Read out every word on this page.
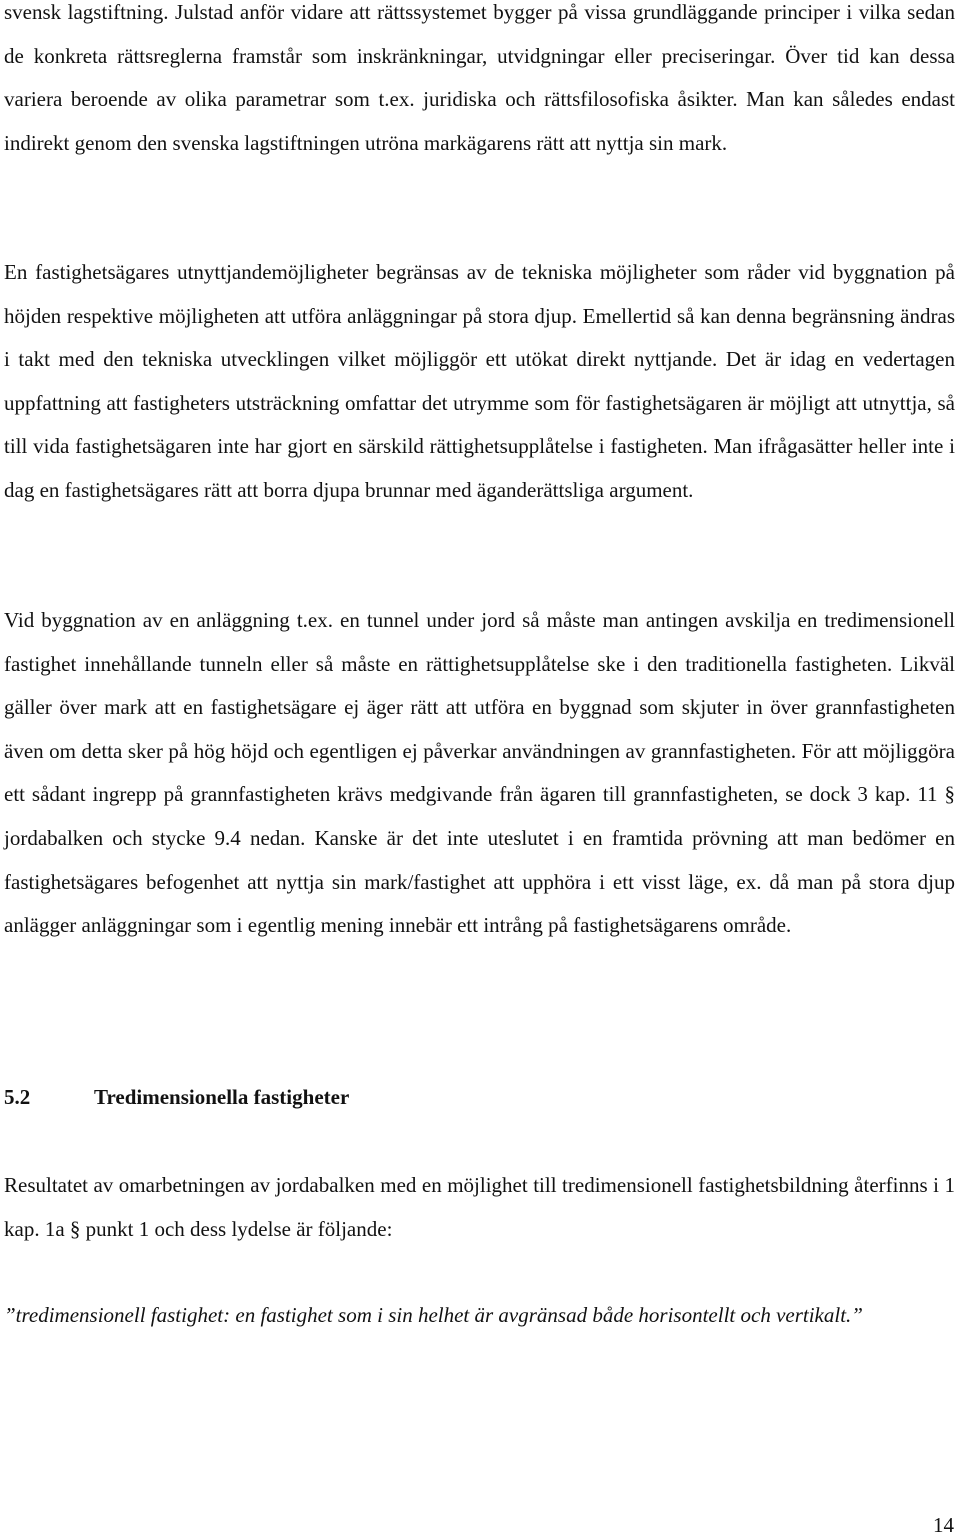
svensk lagstiftning. Julstad anför vidare att rättssystemet bygger på vissa grundläggande principer i vilka sedan de konkreta rättsreglerna framstår som inskränkningar, utvidgningar eller preciseringar. Över tid kan dessa variera beroende av olika parametrar som t.ex. juridiska och rättsfilosofiska åsikter. Man kan således endast indirekt genom den svenska lagstiftningen utröna markägarens rätt att nyttja sin mark.

En fastighetsägares utnyttjandemöjligheter begränsas av de tekniska möjligheter som råder vid byggnation på höjden respektive möjligheten att utföra anläggningar på stora djup. Emellertid så kan denna begränsning ändras i takt med den tekniska utvecklingen vilket möjliggör ett utökat direkt nyttjande. Det är idag en vedertagen uppfattning att fastigheters utsträckning omfattar det utrymme som för fastighetsägaren är möjligt att utnyttja, så till vida fastighetsägaren inte har gjort en särskild rättighetsupplåtelse i fastigheten. Man ifrågasätter heller inte i dag en fastighetsägares rätt att borra djupa brunnar med äganderättsliga argument.

Vid byggnation av en anläggning t.ex. en tunnel under jord så måste man antingen avskilja en tredimensionell fastighet innehållande tunneln eller så måste en rättighetsupplåtelse ske i den traditionella fastigheten. Likväl gäller över mark att en fastighetsägare ej äger rätt att utföra en byggnad som skjuter in över grannfastigheten även om detta sker på hög höjd och egentligen ej påverkar användningen av grannfastigheten. För att möjliggöra ett sådant ingrepp på grannfastigheten krävs medgivande från ägaren till grannfastigheten, se dock 3 kap. 11 § jordabalken och stycke 9.4 nedan. Kanske är det inte uteslutet i en framtida prövning att man bedömer en fastighetsägares befogenhet att nyttja sin mark/fastighet att upphöra i ett visst läge, ex. då man på stora djup anlägger anläggningar som i egentlig mening innebär ett intrång på fastighetsägarens område.

5.2	Tredimensionella fastigheter

Resultatet av omarbetningen av jordabalken med en möjlighet till tredimensionell fastighetsbildning återfinns i 1 kap. 1a § punkt 1 och dess lydelse är följande:

”tredimensionell fastighet: en fastighet som i sin helhet är avgränsad både horisontellt och vertikalt.”

14
